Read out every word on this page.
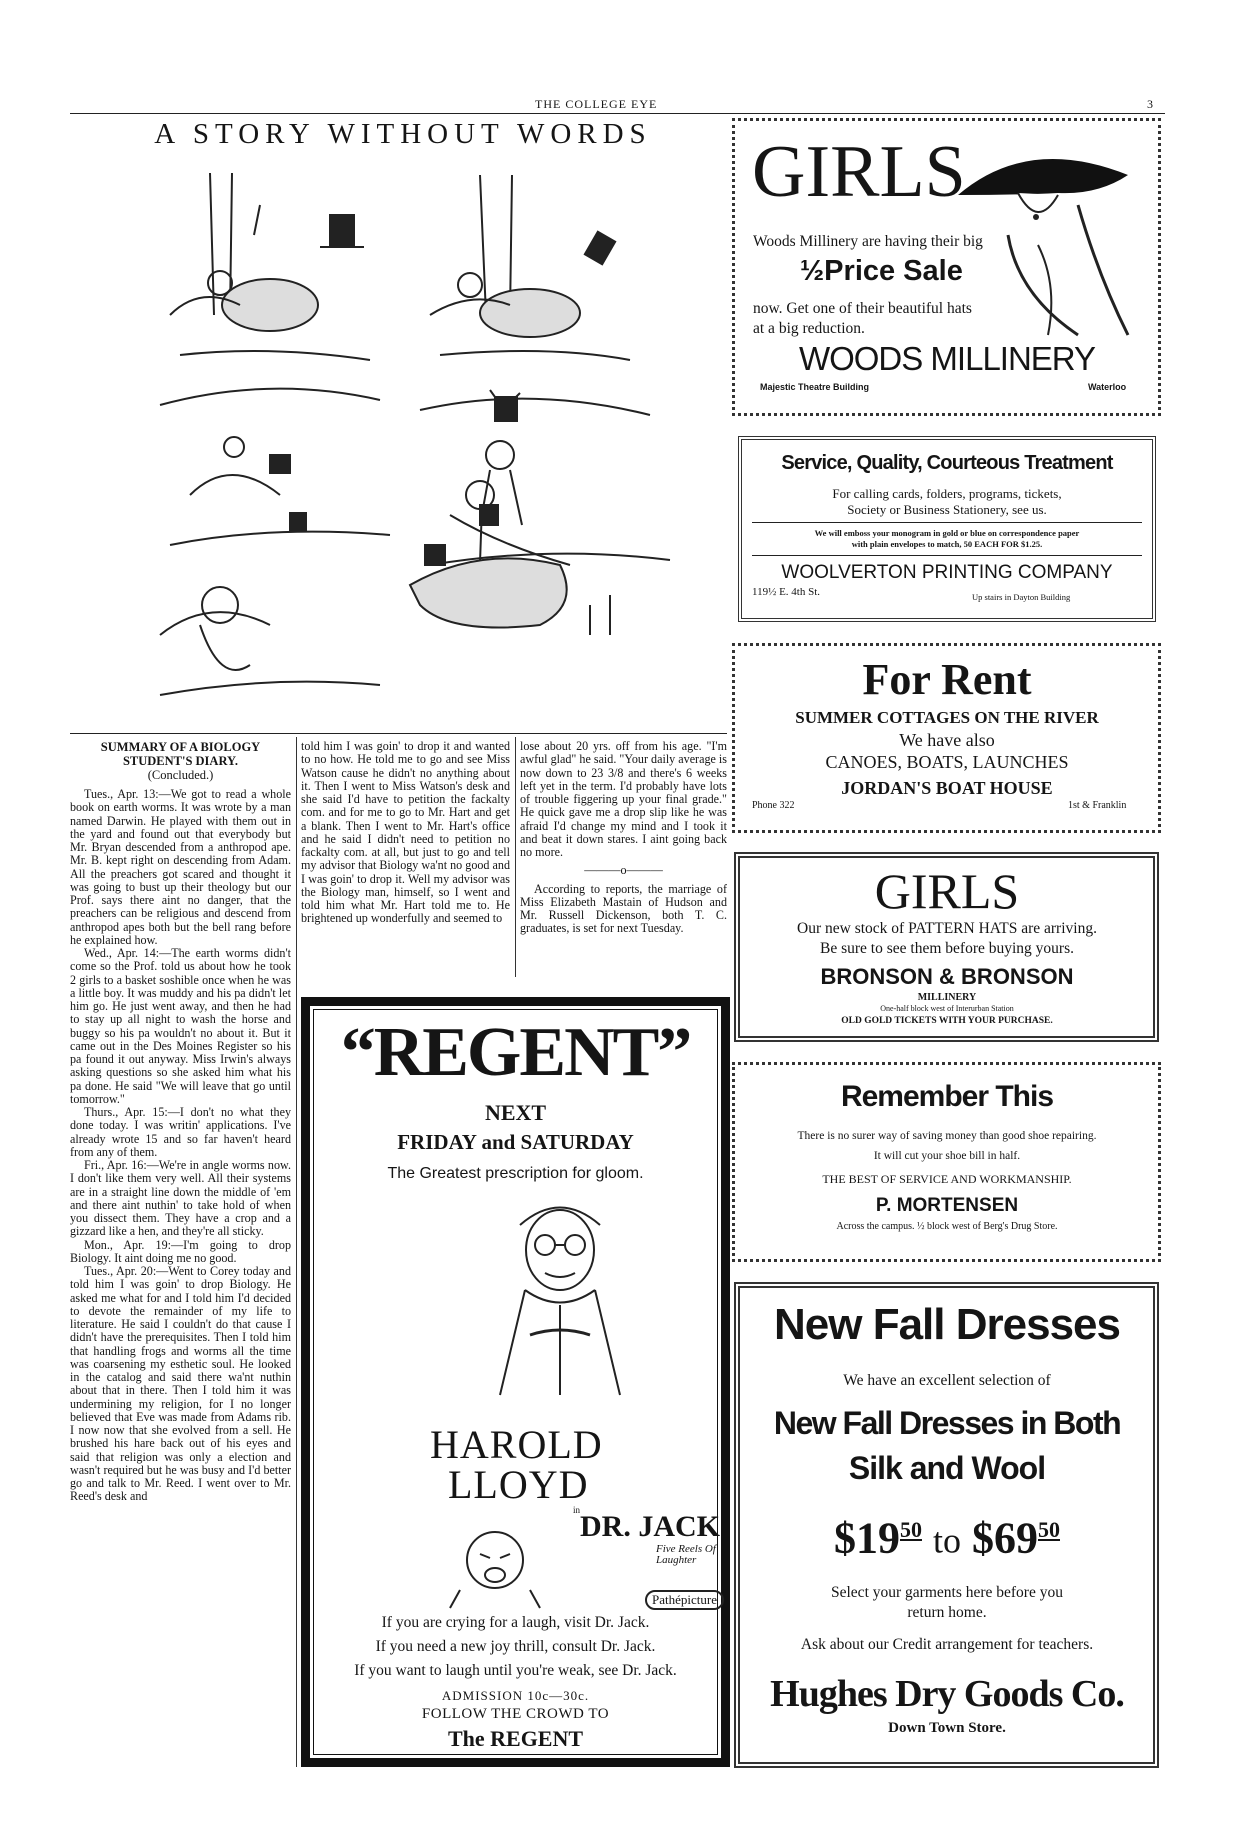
THE COLLEGE EYE	3
A STORY WITHOUT WORDS

SUMMARY OF A BIOLOGY STUDENT'S DIARY.

(Concluded.)

Tues., Apr. 13:—We got to read a whole book on earth worms. It was wrote by a man named Darwin. He played with them out in the yard and found out that everybody but Mr. Bryan descended from a anthropod ape. Mr. B. kept right on descending from Adam. All the preachers got scared and thought it was going to bust up their theology but our Prof. says there aint no danger, that the preachers can be religious and descend from anthropod apes both but the bell rang before he explained how.

Wed., Apr. 14:—The earth worms didn't come so the Prof. told us about how he took 2 girls to a basket soshible once when he was a little boy. It was muddy and his pa didn't let him go. He just went away, and then he had to stay up all night to wash the horse and buggy so his pa wouldn't no about it. But it came out in the Des Moines Register so his pa found it out anyway. Miss Irwin's always asking questions so she asked him what his pa done. He said "We will leave that go until tomorrow."

Thurs., Apr. 15:—I don't no what they done today. I was writin' applications. I've already wrote 15 and so far haven't heard from any of them.

Fri., Apr. 16:—We're in angle worms now. I don't like them very well. All their systems are in a straight line down the middle of 'em and there aint nuthin' to take hold of when you dissect them. They have a crop and a gizzard like a hen, and they're all sticky.

Mon., Apr. 19:—I'm going to drop Biology. It aint doing me no good.

Tues., Apr. 20:—Went to Corey today and told him I was goin' to drop Biology. He asked me what for and I told him I'd decided to devote the remainder of my life to literature. He said I couldn't do that cause I didn't have the prerequisites. Then I told him that handling frogs and worms all the time was coarsening my esthetic soul. He looked in the catalog and said there wa'nt nuthin about that in there. Then I told him it was undermining my religion, for I no longer believed that Eve was made from Adams rib. I now now that she evolved from a sell. He brushed his hare back out of his eyes and said that religion was only a election and wasn't required but he was busy and I'd better go and talk to Mr. Reed. I went over to Mr. Reed's desk and

told him I was goin' to drop it and wanted to no how. He told me to go and see Miss Watson cause he didn't no anything about it. Then I went to Miss Watson's desk and she said I'd have to petition the fackalty com. and for me to go to Mr. Hart and get a blank. Then I went to Mr. Hart's office and he said I didn't need to petition no fackalty com. at all, but just to go and tell my advisor that Biology wa'nt no good and I was goin' to drop it. Well my advisor was the Biology man, himself, so I went and told him what Mr. Hart told me to. He brightened up wonderfully and seemed to

lose about 20 yrs. off from his age. "I'm awful glad" he said. "Your daily average is now down to 23 3/8 and there's 6 weeks left yet in the term. I'd probably have lots of trouble figgering up your final grade." He quick gave me a drop slip like he was afraid I'd change my mind and I took it and beat it down stares. I aint going back no more.

———o———

According to reports, the marriage of Miss Elizabeth Mastain of Hudson and Mr. Russell Dickenson, both T. C. graduates, is set for next Tuesday.

“REGENT”
NEXT
FRIDAY and SATURDAY
The Greatest prescription for gloom.
HAROLD
LLOYD
in DR. JACK
Five Reels Of Laughter
Pathépicture
If you are crying for a laugh, visit Dr. Jack.
If you need a new joy thrill, consult Dr. Jack.
If you want to laugh until you're weak, see Dr. Jack.
ADMISSION 10c—30c.
GIRLS
Woods Millinery are having their big
½Price Sale
now. Get one of their beautiful hats
at a big reduction.
WOODS MILLINERY
Majestic Theatre Building	Waterloo
Service, Quality, Courteous Treatment
For calling cards, folders, programs, tickets,
Society or Business Stationery, see us.
We will emboss your monogram in gold or blue on correspondence paper
with plain envelopes to match, 50 EACH FOR $1.25.
WOOLVERTON PRINTING COMPANY
119½ E. 4th St.	Up stairs in Dayton Building
For Rent
SUMMER COTTAGES ON THE RIVER
We have also
CANOES, BOATS, LAUNCHES
JORDAN'S BOAT HOUSE
Phone 322	1st & Franklin
GIRLS
Our new stock of PATTERN HATS are arriving.
Be sure to see them before buying yours.
BRONSON & BRONSON
MILLINERY
One-half block west of Interurban Station
OLD GOLD TICKETS WITH YOUR PURCHASE.
Remember This
There is no surer way of saving money than good shoe repairing.
It will cut your shoe bill in half.
THE BEST OF SERVICE AND WORKMANSHIP.
P. MORTENSEN
Across the campus. ½ block west of Berg's Drug Store.
New Fall Dresses
We have an excellent selection of
New Fall Dresses in Both
Silk and Wool
$\$19^{50}$ to $\$69^{50}$
Select your garments here before you
return home.
Ask about our Credit arrangement for teachers.
Hughes Dry Goods Co.
Down Town Store.
FOLLOW THE CROWD TO
The REGENT
